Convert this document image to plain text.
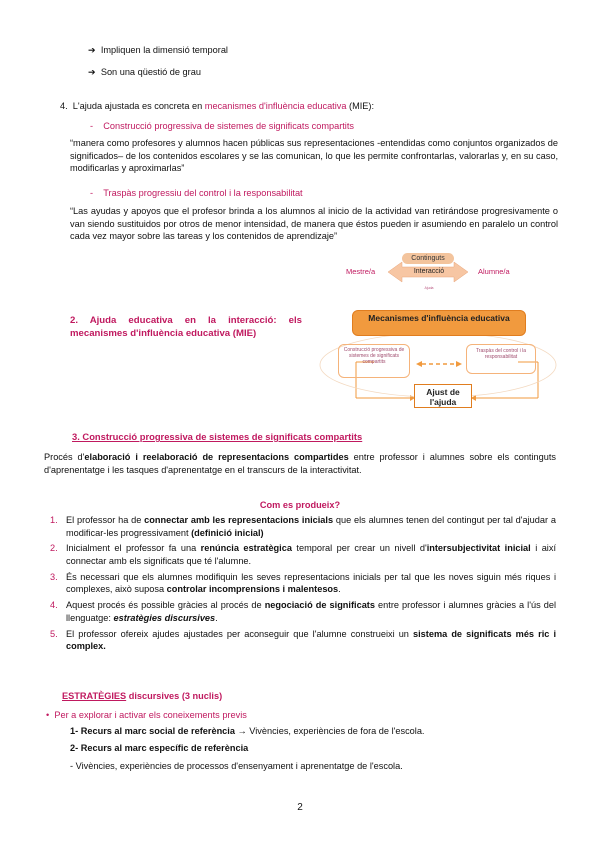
➔ Impliquen la dimensió temporal
➔ Son una qüestió de grau
4. L'ajuda ajustada es concreta en mecanismes d'influència educativa (MIE):
-    Construcció progressiva de sistemes de significats compartits
“manera como profesores y alumnos hacen públicas sus representaciones -entendidas como conjuntos organizados de significados– de los contenidos escolares y se las comunican, lo que les permite confrontarlas, valorarlas y, en su caso, modificarlas y aproximarlas”
-    Traspàs progressiu del control i la responsabilitat
“Las ayudas y apoyos que el profesor brinda a los alumnos al inicio de la actividad van retirándose progresivamente o van siendo sustituidos por otros de menor intensidad, de manera que éstos pueden ir asumiendo en paralelo un control cada vez mayor sobre las tareas y los contenidos de aprendizaje”
2. Ajuda educativa en la interacció: els mecanismes d'influència educativa (MIE)
Continguts
Interacció
Mestre/a	Alumne/a
Ajuda
Mecanismes d'influència educativa
Construcció progressiva de sistemes de significats compartits
Traspàs del control i la responsabilitat
Ajust de l'ajuda
3. Construcció progressiva de sistemes de significats compartits
Procés d'elaboració i reelaboració de representacions compartides entre professor i alumnes sobre els continguts d'aprenentatge i les tasques d'aprenentatge en el transcurs de la interactivitat.
Com es produeix?
1. El professor ha de connectar amb les representacions inicials que els alumnes tenen del contingut per tal d'ajudar a modificar-les progressivament (definició inicial)
2. Inicialment el professor fa una renúncia estratègica temporal per crear un nivell d'intersubjectivitat inicial i així connectar amb els significats que té l'alumne.
3. És necessari que els alumnes modifiquin les seves representacions inicials per tal que les noves siguin més riques i complexes, això suposa controlar incomprensions i malentesos.
4. Aquest procés és possible gràcies al procés de negociació de significats entre professor i alumnes gràcies a l'ús del llenguatge: estratègies discursives.
5. El professor ofereix ajudes ajustades per aconseguir que l'alumne construeixi un sistema de significats més ric i complex.
ESTRATÈGIES discursives (3 nuclis)
• Per a explorar i activar els coneixements previs
1- Recurs al marc social de referència → Vivències, experiències de fora de l'escola.
2- Recurs al marc específic de referència
- Vivències, experiències de processos d'ensenyament i aprenentatge de l'escola.
2
